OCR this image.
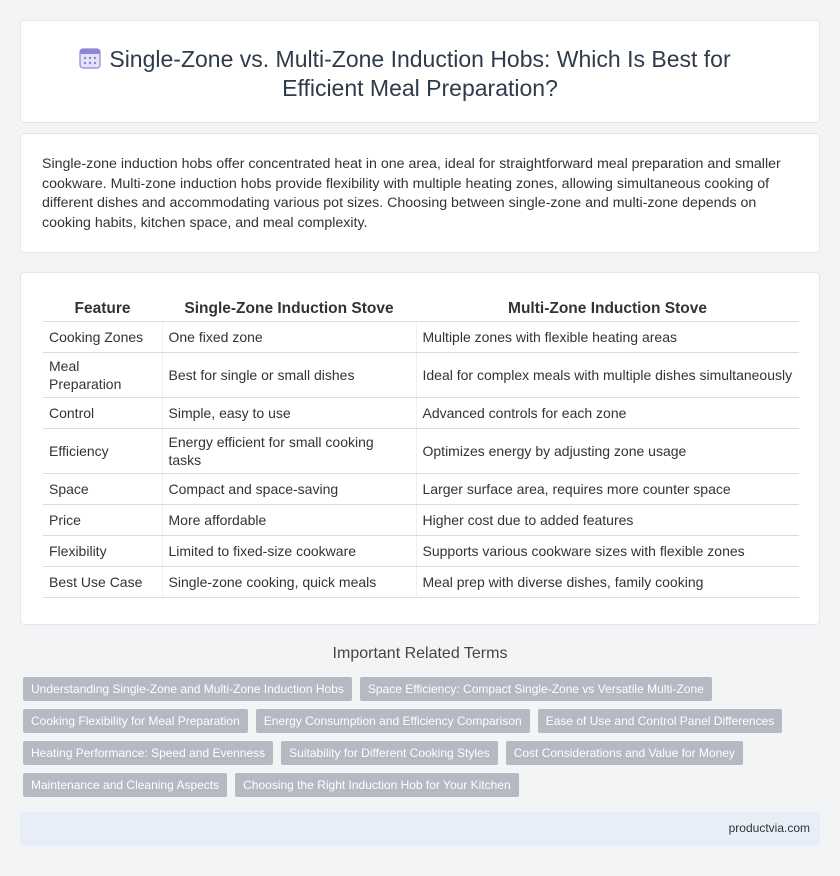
Single-Zone vs. Multi-Zone Induction Hobs: Which Is Best for Efficient Meal Preparation?

Single-zone induction hobs offer concentrated heat in one area, ideal for straightforward meal preparation and smaller cookware. Multi-zone induction hobs provide flexibility with multiple heating zones, allowing simultaneous cooking of different dishes and accommodating various pot sizes. Choosing between single-zone and multi-zone depends on cooking habits, kitchen space, and meal complexity.

Feature	Single-Zone Induction Stove	Multi-Zone Induction Stove
Cooking Zones	One fixed zone	Multiple zones with flexible heating areas
Meal Preparation	Best for single or small dishes	Ideal for complex meals with multiple dishes simultaneously
Control	Simple, easy to use	Advanced controls for each zone
Efficiency	Energy efficient for small cooking tasks	Optimizes energy by adjusting zone usage
Space	Compact and space-saving	Larger surface area, requires more counter space
Price	More affordable	Higher cost due to added features
Flexibility	Limited to fixed-size cookware	Supports various cookware sizes with flexible zones
Best Use Case	Single-zone cooking, quick meals	Meal prep with diverse dishes, family cooking
Important Related Terms
Understanding Single-Zone and Multi-Zone Induction Hobs	Space Efficiency: Compact Single-Zone vs Versatile Multi-Zone
Cooking Flexibility for Meal Preparation	Energy Consumption and Efficiency Comparison	Ease of Use and Control Panel Differences
Heating Performance: Speed and Evenness	Suitability for Different Cooking Styles	Cost Considerations and Value for Money
Maintenance and Cleaning Aspects	Choosing the Right Induction Hob for Your Kitchen
productvia.com
